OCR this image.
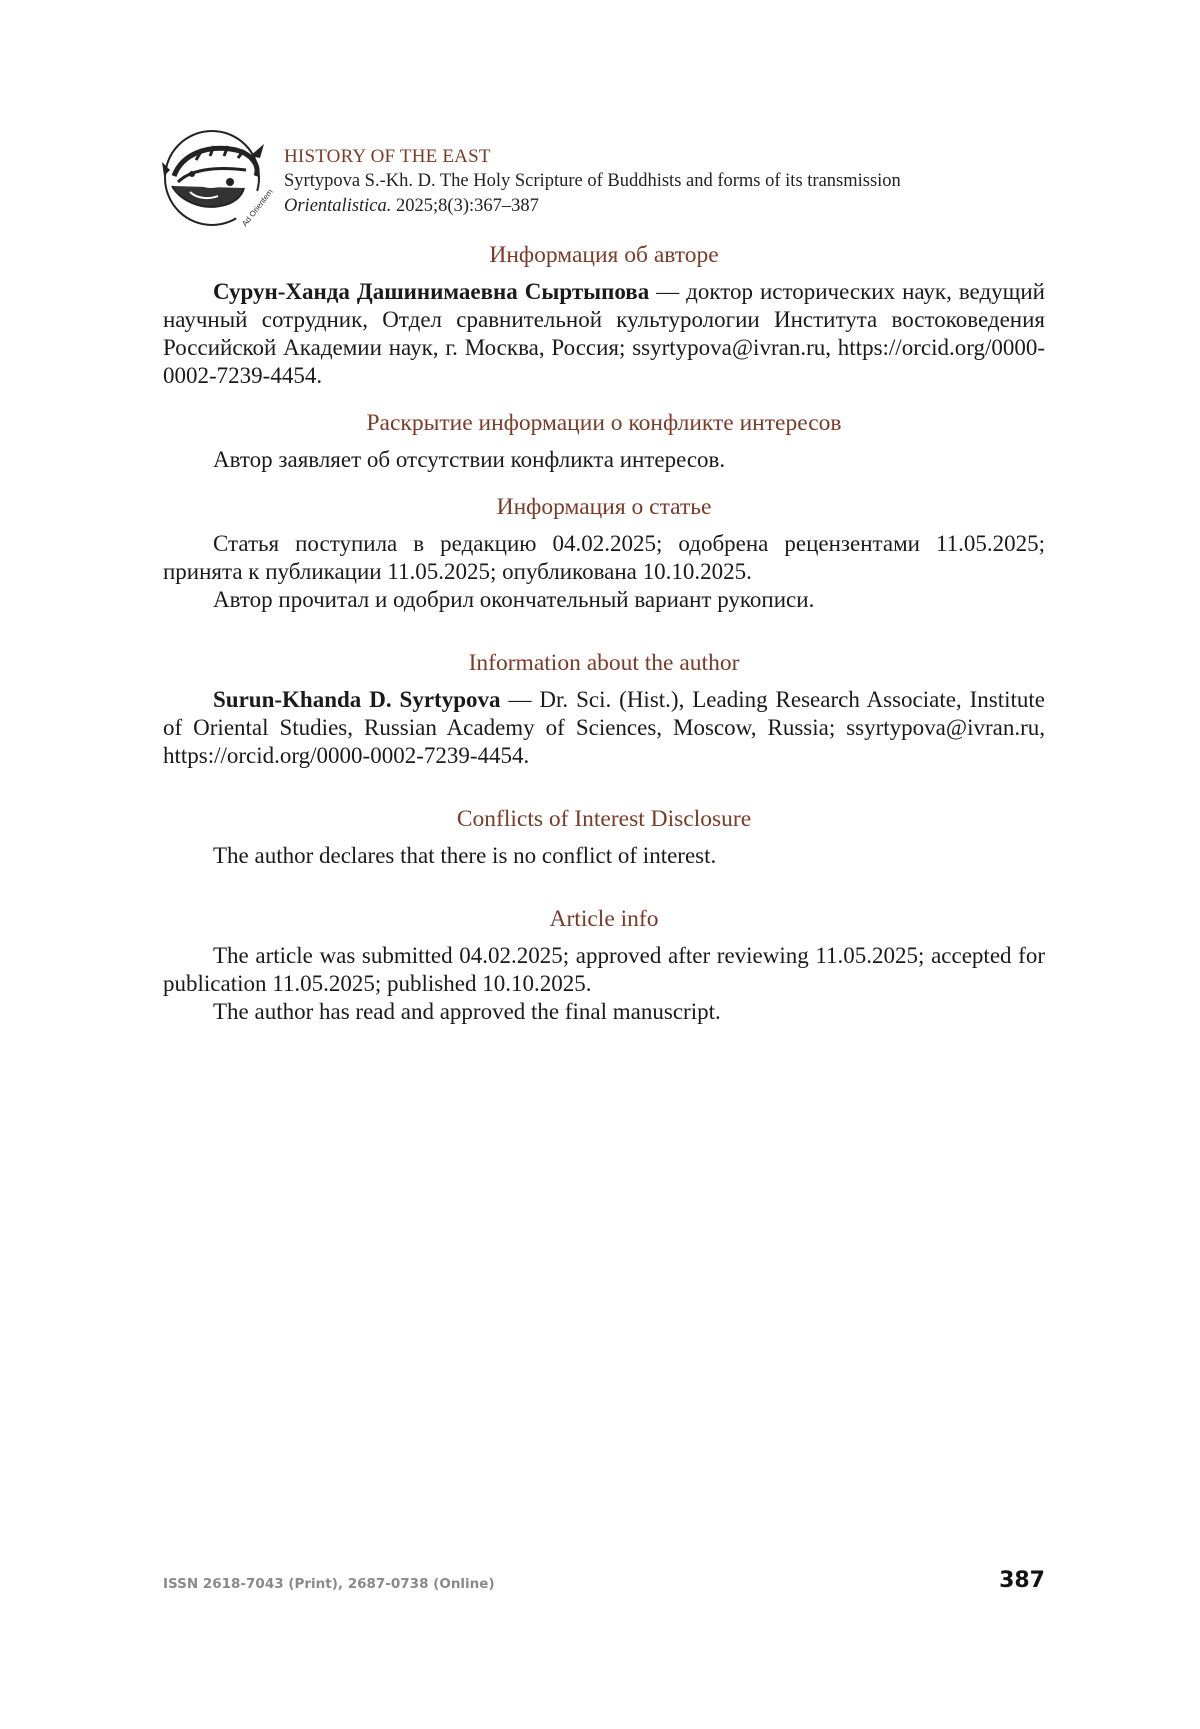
Ad Orientem
HISTORY OF THE EAST
Syrtypova S.-Kh. D. The Holy Scripture of Buddhists and forms of its transmission
Orientalistica. 2025;8(3):367–387
Информация об авторе

Сурун-Ханда Дашинимаевна Сыртыпова — доктор исторических наук, ведущий научный сотрудник, Отдел сравнительной культурологии Института востоковедения Российской Академии наук, г. Москва, Россия; ssyrtypova@ivran.ru, https://orcid.org/0000-0002-7239-4454.

Раскрытие информации о конфликте интересов

Автор заявляет об отсутствии конфликта интересов.

Информация о статье

Статья поступила в редакцию 04.02.2025; одобрена рецензентами 11.05.2025; принята к публикации 11.05.2025; опубликована 10.10.2025.

Автор прочитал и одобрил окончательный вариант рукописи.

Information about the author

Surun-Khanda D. Syrtypova — Dr. Sci. (Hist.), Leading Research Associate, Institute of Oriental Studies, Russian Academy of Sciences, Moscow, Russia; ssyrtypova@ivran.ru, https://orcid.org/0000-0002-7239-4454.

Conflicts of Interest Disclosure

The author declares that there is no conflict of interest.

Article info

The article was submitted 04.02.2025; approved after reviewing 11.05.2025; accepted for publication 11.05.2025; published 10.10.2025.

The author has read and approved the final manuscript.

ISSN 2618-7043 (Print), 2687-0738 (Online)	387
